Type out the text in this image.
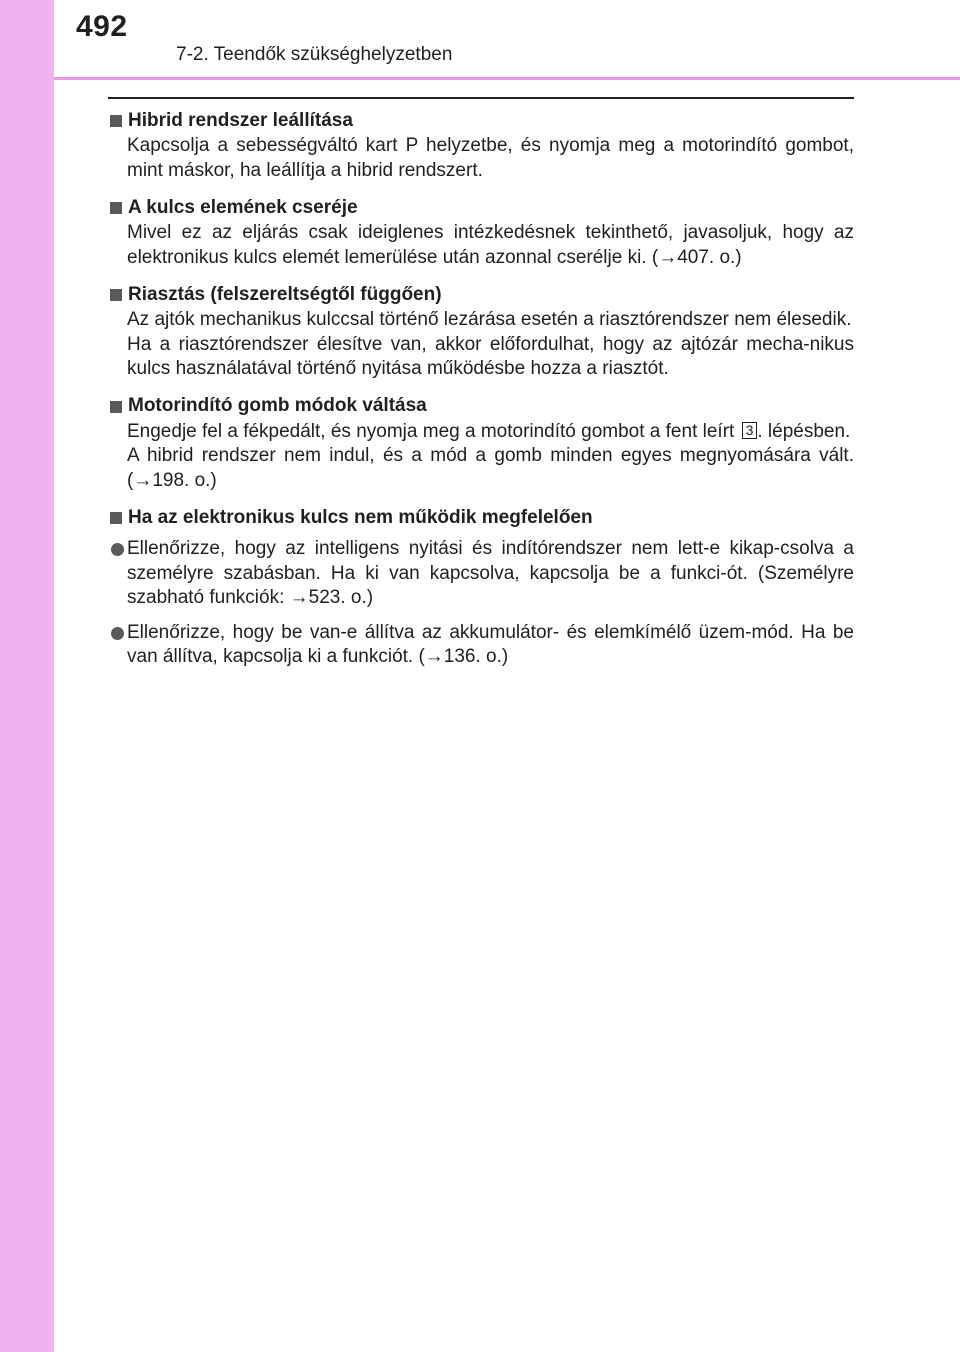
492
7-2. Teendők szükséghelyzetben
Hibrid rendszer leállítása

Kapcsolja a sebességváltó kart P helyzetbe, és nyomja meg a motorindító gombot, mint máskor, ha leállítja a hibrid rendszert.

A kulcs elemének cseréje

Mivel ez az eljárás csak ideiglenes intézkedésnek tekinthető, javasoljuk, hogy az elektronikus kulcs elemét lemerülése után azonnal cserélje ki. (→407. o.)

Riasztás (felszereltségtől függően)

Az ajtók mechanikus kulccsal történő lezárása esetén a riasztórendszer nem élesedik.

Ha a riasztórendszer élesítve van, akkor előfordulhat, hogy az ajtózár mecha-nikus kulcs használatával történő nyitása működésbe hozza a riasztót.

Motorindító gomb módok váltása

Engedje fel a fékpedált, és nyomja meg a motorindító gombot a fent leírt 3 . lépésben.

A hibrid rendszer nem indul, és a mód a gomb minden egyes megnyomására vált. (→198. o.)

Ha az elektronikus kulcs nem működik megfelelően
Ellenőrizze, hogy az intelligens nyitási és indítórendszer nem lett-e kikap-csolva a személyre szabásban. Ha ki van kapcsolva, kapcsolja be a funkci-ót. (Személyre szabható funkciók: →523. o.)
Ellenőrizze, hogy be van-e állítva az akkumulátor- és elemkímélő üzem-mód. Ha be van állítva, kapcsolja ki a funkciót. (→136. o.)
